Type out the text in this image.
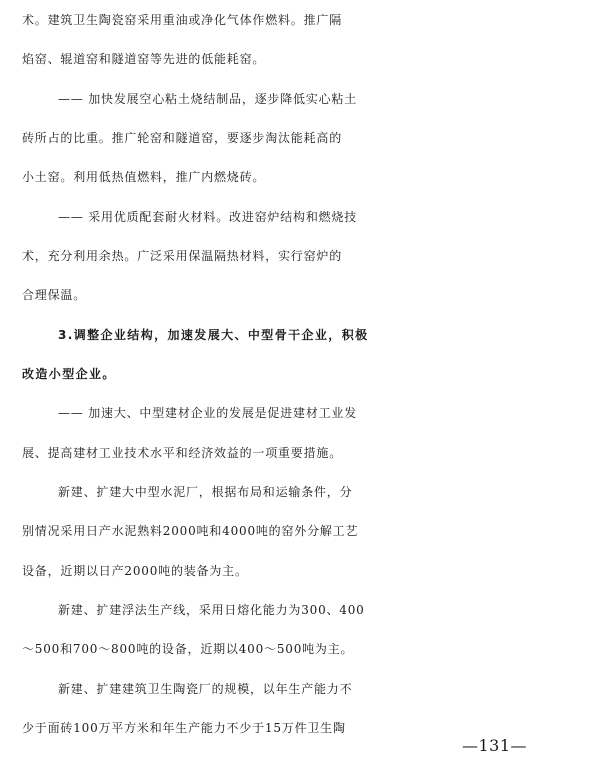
术。建筑卫生陶瓷窑采用重油或净化气体作燃料。推广隔
焰窑、辊道窑和隧道窑等先进的低能耗窑。
—— 加快发展空心粘土烧结制品，逐步降低实心粘土
砖所占的比重。推广轮窑和隧道窑，要逐步淘汰能耗高的
小土窑。利用低热值燃料，推广内燃烧砖。
—— 采用优质配套耐火材料。改进窑炉结构和燃烧技
术，充分利用余热。广泛采用保温隔热材料，实行窑炉的
合理保温。
3.调整企业结构，加速发展大、中型骨干企业，积极
改造小型企业。
—— 加速大、中型建材企业的发展是促进建材工业发
展、提高建材工业技术水平和经济效益的一项重要措施。
新建、扩建大中型水泥厂，根据布局和运输条件，分
别情况采用日产水泥熟料2000吨和4000吨的窑外分解工艺
设备，近期以日产2000吨的装备为主。
新建、扩建浮法生产线，采用日熔化能力为300、400
～500和700～800吨的设备，近期以400～500吨为主。
新建、扩建建筑卫生陶瓷厂的规模，以年生产能力不
少于面砖100万平方米和年生产能力不少于15万件卫生陶
—131—
